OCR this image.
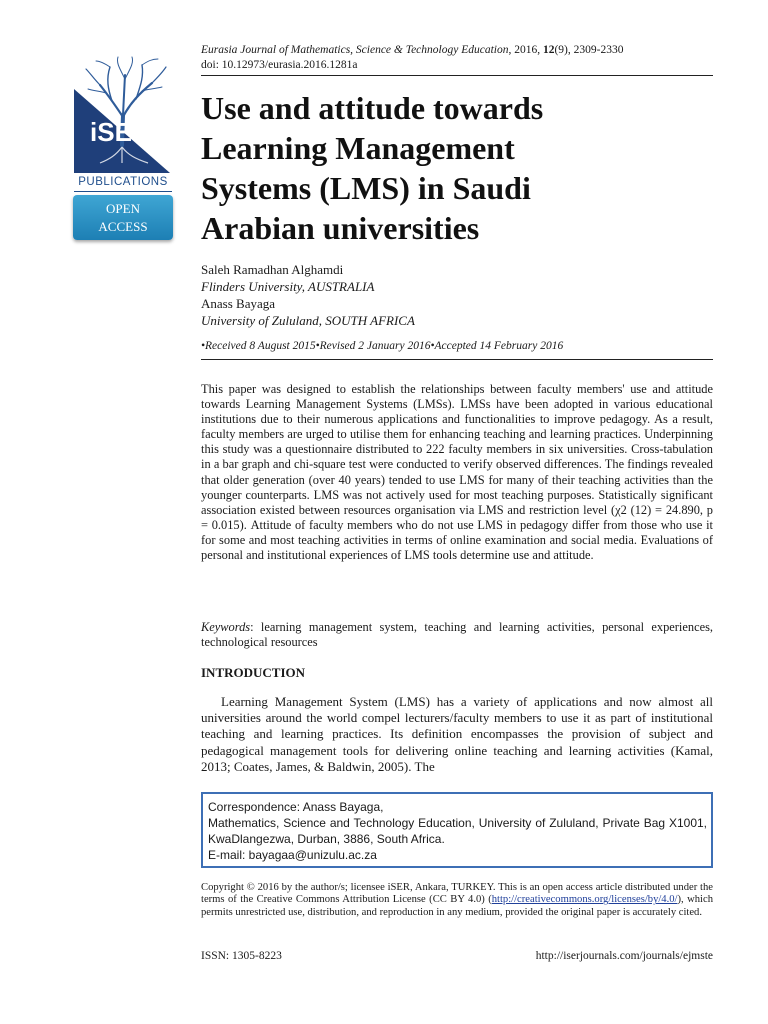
Eurasia Journal of Mathematics, Science & Technology Education, 2016, 12(9), 2309-2330
doi: 10.12973/eurasia.2016.1281a
iSER
PUBLICATIONS
OPEN
ACCESS
Use and attitude towards
Learning Management
Systems (LMS) in Saudi
Arabian universities
Saleh Ramadhan Alghamdi
Flinders University, AUSTRALIA
Anass Bayaga
University of Zululand, SOUTH AFRICA
•Received 8 August 2015•Revised 2 January 2016•Accepted 14 February 2016
This paper was designed to establish the relationships between faculty members' use and attitude towards Learning Management Systems (LMSs). LMSs have been adopted in various educational institutions due to their numerous applications and functionalities to improve pedagogy. As a result, faculty members are urged to utilise them for enhancing teaching and learning practices. Underpinning this study was a questionnaire distributed to 222 faculty members in six universities. Cross-tabulation in a bar graph and chi-square test were conducted to verify observed differences. The findings revealed that older generation (over 40 years) tended to use LMS for many of their teaching activities than the younger counterparts. LMS was not actively used for most teaching purposes. Statistically significant association existed between resources organisation via LMS and restriction level (χ2 (12) = 24.890, p = 0.015). Attitude of faculty members who do not use LMS in pedagogy differ from those who use it for some and most teaching activities in terms of online examination and social media. Evaluations of personal and institutional experiences of LMS tools determine use and attitude.
Keywords: learning management system, teaching and learning activities, personal experiences, technological resources
INTRODUCTION
Learning Management System (LMS) has a variety of applications and now almost all universities around the world compel lecturers/faculty members to use it as part of institutional teaching and learning practices. Its definition encompasses the provision of subject and pedagogical management tools for delivering online teaching and learning activities (Kamal, 2013; Coates, James, & Baldwin, 2005). The
Correspondence: Anass Bayaga,
Mathematics, Science and Technology Education, University of Zululand, Private Bag X1001, KwaDlangezwa, Durban, 3886, South Africa.
E-mail: bayagaa@unizulu.ac.za
Copyright © 2016 by the author/s; licensee iSER, Ankara, TURKEY. This is an open access article distributed under the terms of the Creative Commons Attribution License (CC BY 4.0) (http://creativecommons.org/licenses/by/4.0/), which permits unrestricted use, distribution, and reproduction in any medium, provided the original paper is accurately cited.
ISSN: 1305-8223	http://iserjournals.com/journals/ejmste
